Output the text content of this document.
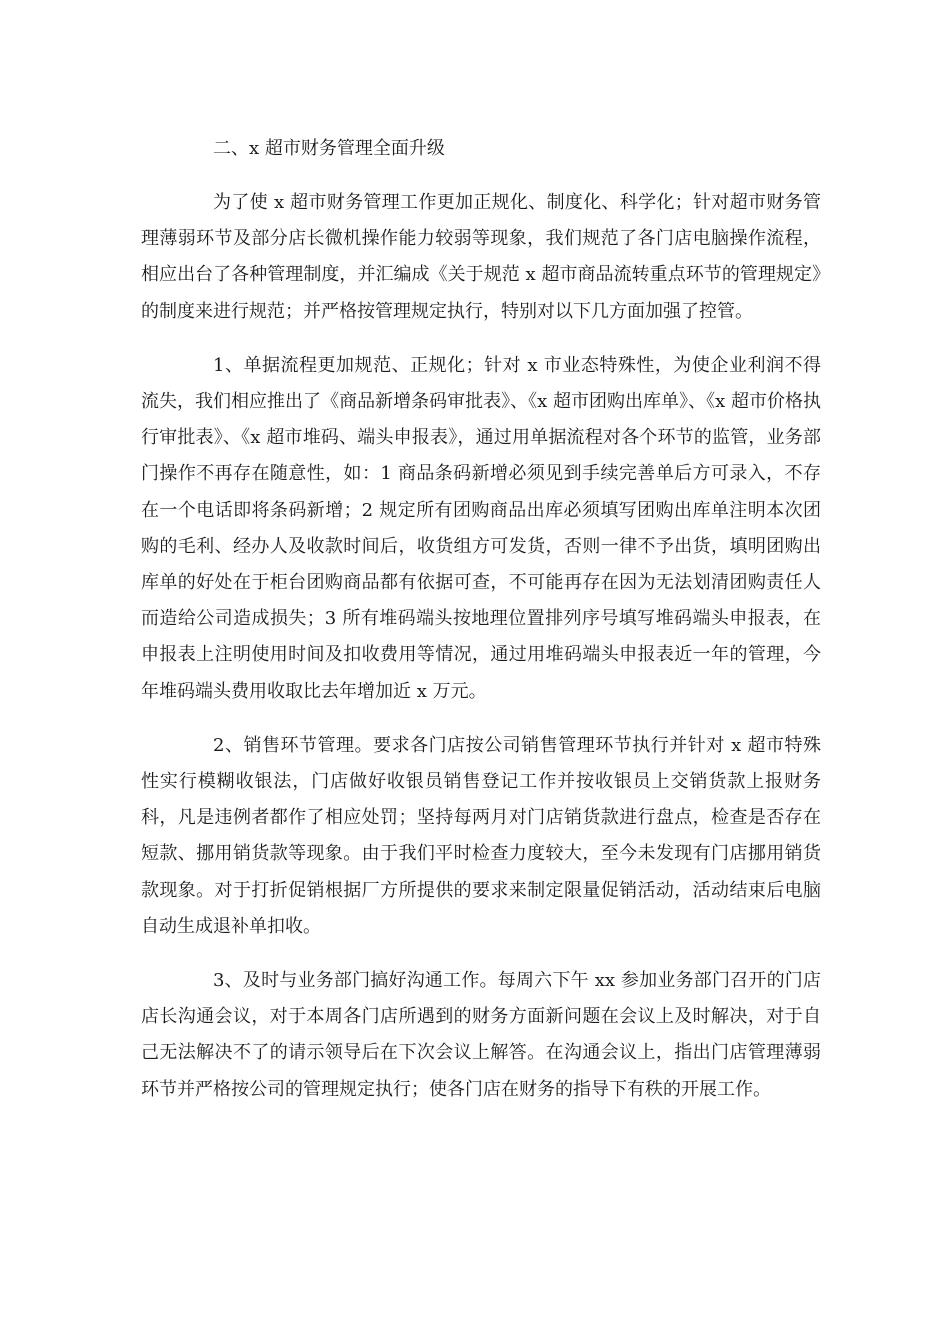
二、x 超市财务管理全面升级

为了使 x 超市财务管理工作更加正规化、制度化、科学化；针对超市财务管理薄弱环节及部分店长微机操作能力较弱等现象，我们规范了各门店电脑操作流程，相应出台了各种管理制度，并汇编成《关于规范 x 超市商品流转重点环节的管理规定》的制度来进行规范；并严格按管理规定执行，特别对以下几方面加强了控管。

1、单据流程更加规范、正规化；针对 x 市业态特殊性，为使企业利润不得流失，我们相应推出了《商品新增条码审批表》、《x 超市团购出库单》、《x 超市价格执行审批表》、《x 超市堆码、端头申报表》，通过用单据流程对各个环节的监管，业务部门操作不再存在随意性，如：1 商品条码新增必须见到手续完善单后方可录入，不存在一个电话即将条码新增；2 规定所有团购商品出库必须填写团购出库单注明本次团购的毛利、经办人及收款时间后，收货组方可发货，否则一律不予出货，填明团购出库单的好处在于柜台团购商品都有依据可查，不可能再存在因为无法划清团购责任人而造给公司造成损失；3 所有堆码端头按地理位置排列序号填写堆码端头申报表，在申报表上注明使用时间及扣收费用等情况，通过用堆码端头申报表近一年的管理，今年堆码端头费用收取比去年增加近 x 万元。

2、销售环节管理。要求各门店按公司销售管理环节执行并针对 x 超市特殊性实行模糊收银法，门店做好收银员销售登记工作并按收银员上交销货款上报财务科，凡是违例者都作了相应处罚；坚持每两月对门店销货款进行盘点，检查是否存在短款、挪用销货款等现象。由于我们平时检查力度较大，至今未发现有门店挪用销货款现象。对于打折促销根据厂方所提供的要求来制定限量促销活动，活动结束后电脑自动生成退补单扣收。

3、及时与业务部门搞好沟通工作。每周六下午 xx 参加业务部门召开的门店店长沟通会议，对于本周各门店所遇到的财务方面新问题在会议上及时解决，对于自己无法解决不了的请示领导后在下次会议上解答。在沟通会议上，指出门店管理薄弱环节并严格按公司的管理规定执行；使各门店在财务的指导下有秩的开展工作。
